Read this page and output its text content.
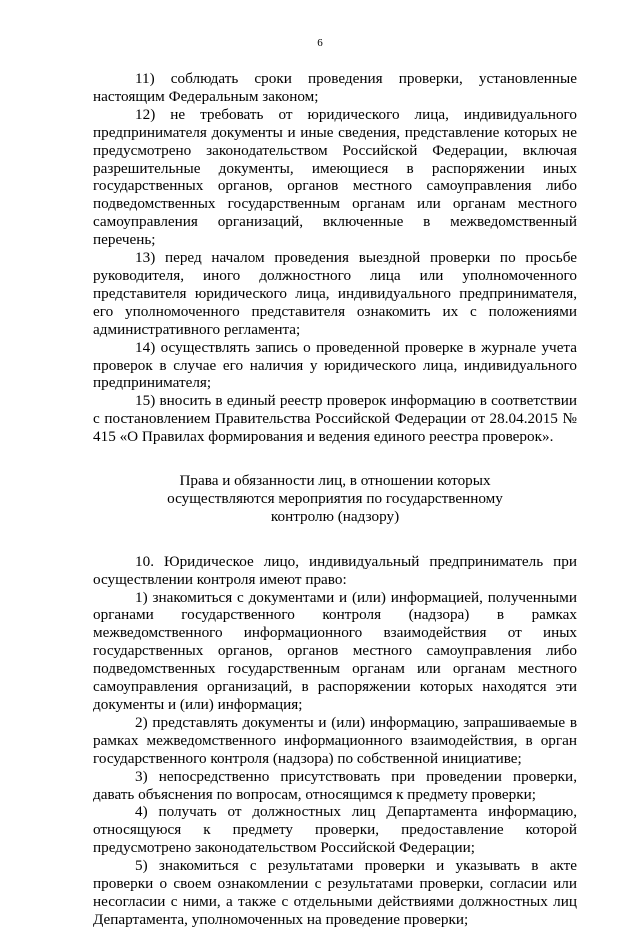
6

11) соблюдать сроки проведения проверки, установленные настоящим Федеральным законом;

12) не требовать от юридического лица, индивидуального предпринимателя документы и иные сведения, представление которых не предусмотрено законодательством Российской Федерации, включая разрешительные документы, имеющиеся в распоряжении иных государственных органов, органов местного самоуправления либо подведомственных государственным органам или органам местного самоуправления организаций, включенные в межведомственный перечень;

13) перед началом проведения выездной проверки по просьбе руководителя, иного должностного лица или уполномоченного представителя юридического лица, индивидуального предпринимателя, его уполномоченного представителя ознакомить их с положениями административного регламента;

14) осуществлять запись о проведенной проверке в журнале учета проверок в случае его наличия у юридического лица, индивидуального предпринимателя;

15) вносить в единый реестр проверок информацию в соответствии с постановлением Правительства Российской Федерации от 28.04.2015 № 415 «О Правилах формирования и ведения единого реестра проверок».

Права и обязанности лиц, в отношении которых
осуществляются мероприятия по государственному
контролю (надзору)

10. Юридическое лицо, индивидуальный предприниматель при осуществлении контроля имеют право:

1) знакомиться с документами и (или) информацией, полученными органами государственного контроля (надзора) в рамках межведомственного информационного взаимодействия от иных государственных органов, органов местного самоуправления либо подведомственных государственным органам или органам местного самоуправления организаций, в распоряжении которых находятся эти документы и (или) информация;

2) представлять документы и (или) информацию, запрашиваемые в рамках межведомственного информационного взаимодействия, в орган государственного контроля (надзора) по собственной инициативе;

3) непосредственно присутствовать при проведении проверки, давать объяснения по вопросам, относящимся к предмету проверки;

4) получать от должностных лиц Департамента информацию, относящуюся к предмету проверки, предоставление которой предусмотрено законодательством Российской Федерации;

5) знакомиться с результатами проверки и указывать в акте проверки о своем ознакомлении с результатами проверки, согласии или несогласии с ними, а также с отдельными действиями должностных лиц Департамента, уполномоченных на проведение проверки;
